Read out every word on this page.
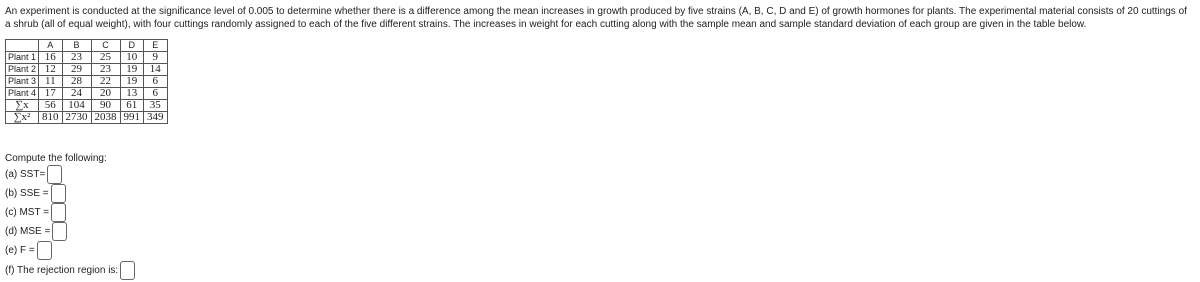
An experiment is conducted at the significance level of 0.005 to determine whether there is a difference among the mean increases in growth produced by five strains (A, B, C, D and E) of growth hormones for plants. The experimental material consists of 20 cuttings of a shrub (all of equal weight), with four cuttings randomly assigned to each of the five different strains. The increases in weight for each cutting along with the sample mean and sample standard deviation of each group are given in the table below.
	A	B	C	D	E
Plant 1	16	23	25	10	9
Plant 2	12	29	23	19	14
Plant 3	11	28	22	19	6
Plant 4	17	24	20	13	6
∑x	56	104	90	61	35
∑x²	810	2730	2038	991	349
Compute the following:
(a) SST=
(b) SSE =
(c) MST =
(d) MSE =
(e) F =
(f) The rejection region is:
